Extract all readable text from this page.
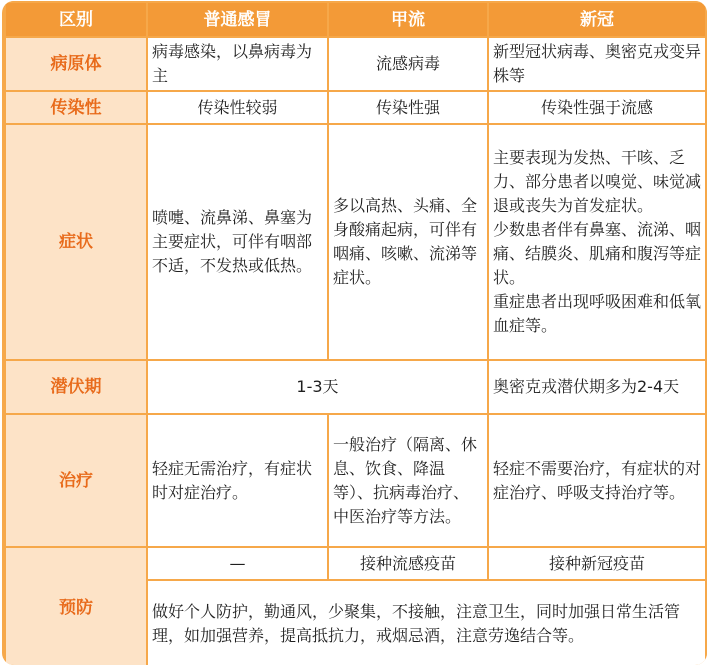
区别	普通感冒	甲流	新冠
病原体	病毒感染，以鼻病毒为主	流感病毒	新型冠状病毒、奥密克戎变异株等
传染性	传染性较弱	传染性强	传染性强于流感
症状	喷嚏、流鼻涕、鼻塞为主要症状，可伴有咽部不适，不发热或低热。	多以高热、头痛、全身酸痛起病，可伴有咽痛、咳嗽、流涕等症状。	主要表现为发热、干咳、乏力、部分患者以嗅觉、味觉减退或丧失为首发症状。
少数患者伴有鼻塞、流涕、咽痛、结膜炎、肌痛和腹泻等症状。
重症患者出现呼吸困难和低氧血症等。

潜伏期	1-3天		奥密克戎潜伏期多为2-4天
治疗	轻症无需治疗，有症状时对症治疗。	一般治疗（隔离、休息、饮食、降温等）、抗病毒治疗、中医治疗等方法。	轻症不需要治疗，有症状的对症治疗、呼吸支持治疗等。
预防	—	接种流感疫苗	接种新冠疫苗
	做好个人防护，勤通风，少聚集，不接触，注意卫生，同时加强日常生活管理，如加强营养，提高抵抗力，戒烟忌酒，注意劳逸结合等。		
